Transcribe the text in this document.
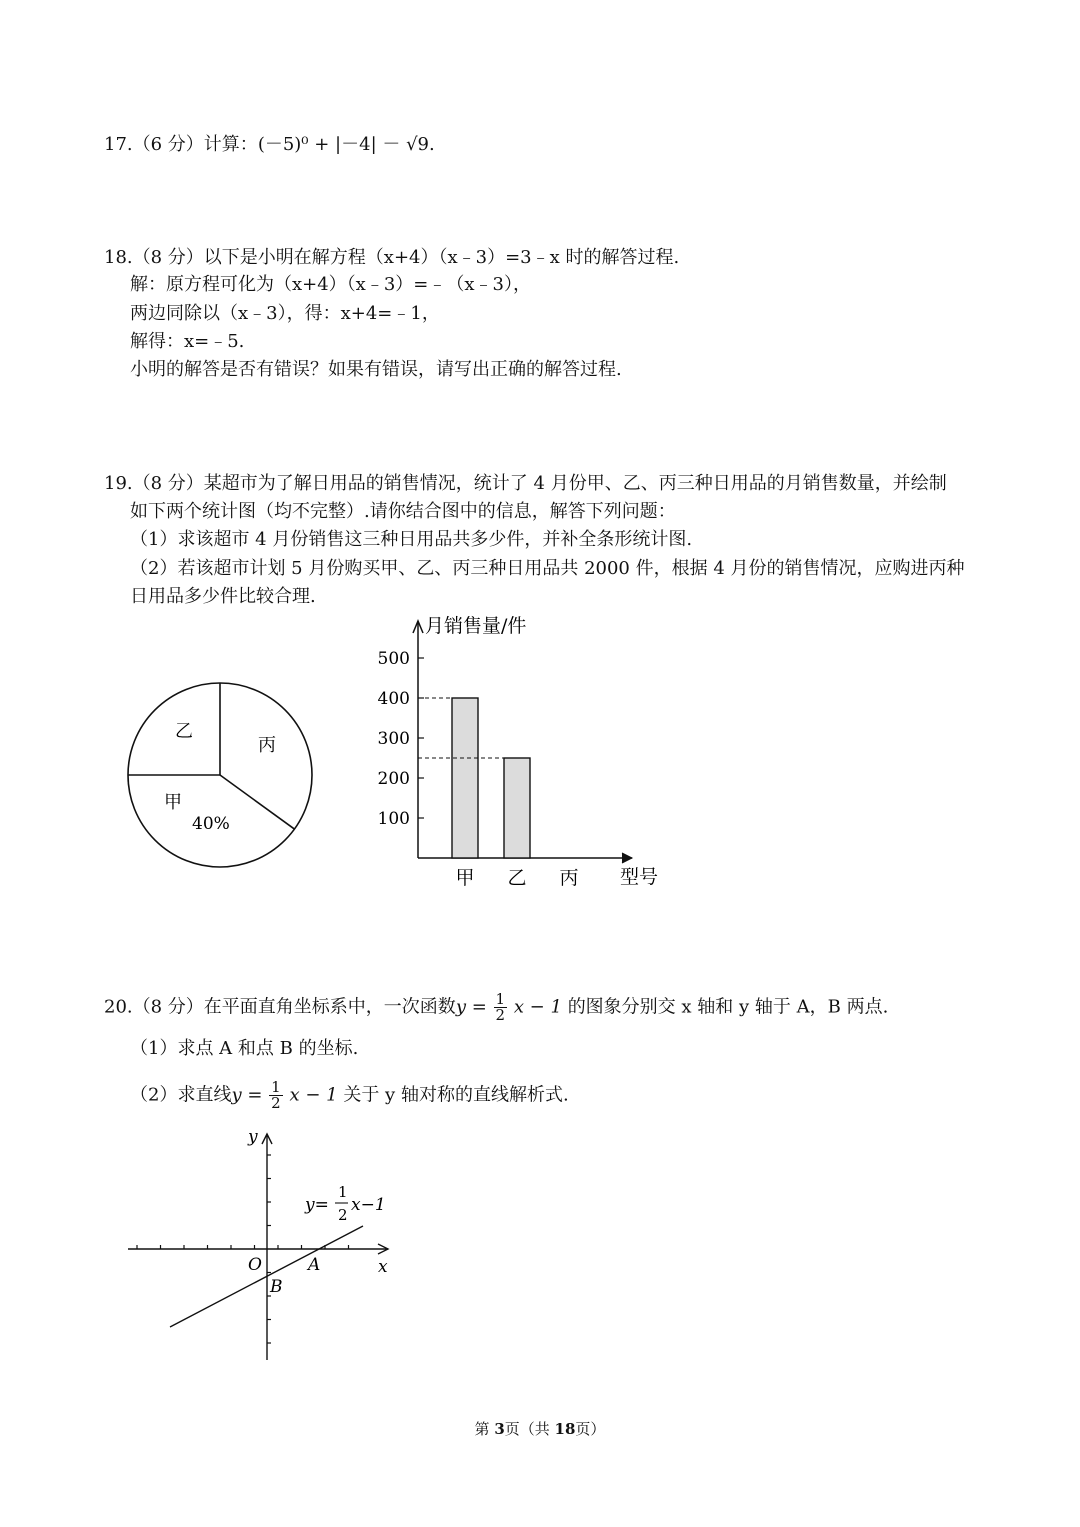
17.（6 分）计算：(－5)⁰ + |－4| － √9.
18.（8 分）以下是小明在解方程（x+4）（x﹣3）=3﹣x 时的解答过程.
解：原方程可化为（x+4）（x﹣3）=﹣（x﹣3），
两边同除以（x﹣3），得：x+4=﹣1，
解得：x=﹣5.
小明的解答是否有错误？如果有错误，请写出正确的解答过程.
19.（8 分）某超市为了解日用品的销售情况，统计了 4 月份甲、乙、丙三种日用品的月销售数量，并绘制
如下两个统计图（均不完整）.请你结合图中的信息，解答下列问题：
（1）求该超市 4 月份销售这三种日用品共多少件，并补全条形统计图.
（2）若该超市计划 5 月份购买甲、乙、丙三种日用品共 2000 件，根据 4 月份的销售情况，应购进丙种
日用品多少件比较合理.
乙
丙
甲
40%	100
200
300
400
500
甲 乙 丙
月销售量/件
型号
20.（8 分）在平面直角坐标系中，一次函数$y = \frac{1}{2}$ x − 1 的图象分别交 x 轴和 y 轴于 A，B 两点.
（1）求点 A 和点 B 的坐标.
（2）求直线$y = \frac{1}{2}$ x − 1 关于 y 轴对称的直线解析式.
y
x
O	A
B
y=
1
2 x−1
第 3页（共 18页）
